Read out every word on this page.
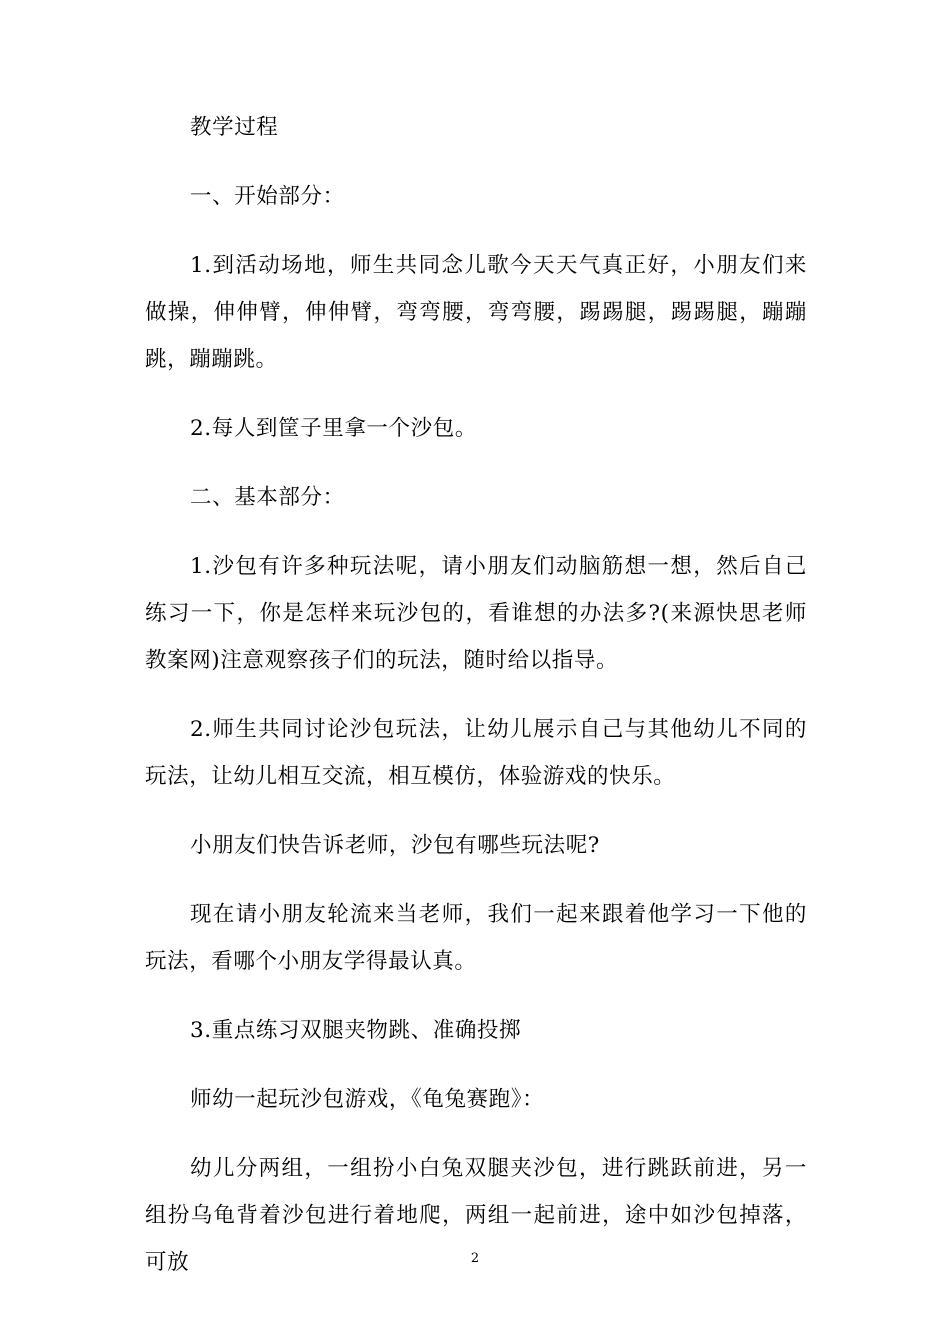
教学过程

一、开始部分：

1.到活动场地，师生共同念儿歌今天天气真正好，小朋友们来做操，伸伸臂，伸伸臂，弯弯腰，弯弯腰，踢踢腿，踢踢腿，蹦蹦跳，蹦蹦跳。

2.每人到筐子里拿一个沙包。

二、基本部分：

1.沙包有许多种玩法呢，请小朋友们动脑筋想一想，然后自己练习一下，你是怎样来玩沙包的，看谁想的办法多?(来源快思老师教案网)注意观察孩子们的玩法，随时给以指导。

2.师生共同讨论沙包玩法，让幼儿展示自己与其他幼儿不同的玩法，让幼儿相互交流，相互模仿，体验游戏的快乐。

小朋友们快告诉老师，沙包有哪些玩法呢?

现在请小朋友轮流来当老师，我们一起来跟着他学习一下他的玩法，看哪个小朋友学得最认真。

3.重点练习双腿夹物跳、准确投掷

师幼一起玩沙包游戏，《龟兔赛跑》：

幼儿分两组，一组扮小白兔双腿夹沙包，进行跳跃前进，另一组扮乌龟背着沙包进行着地爬，两组一起前进，途中如沙包掉落，可放	2
